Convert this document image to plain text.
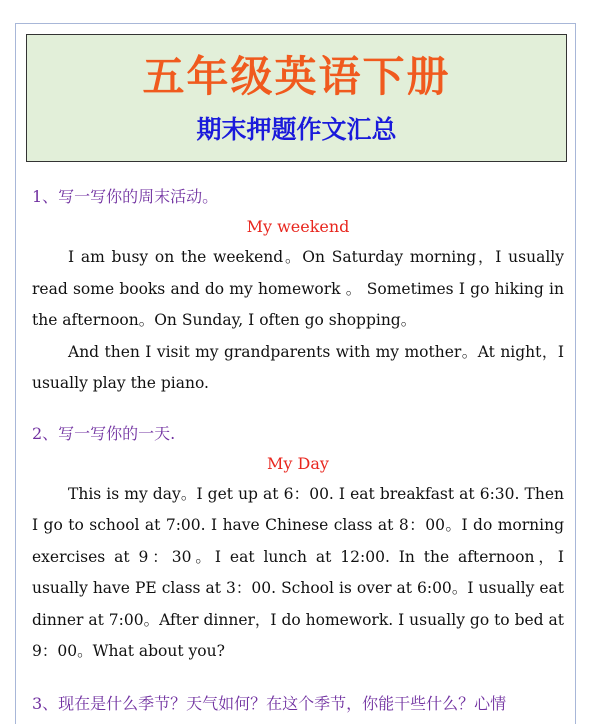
五年级英语下册
期末押题作文汇总
1、写一写你的周末活动。
My weekend

I am busy on the weekend。On Saturday morning，I usually read some books and do my homework 。 Sometimes I go hiking in the afternoon。On Sunday, I often go shopping。

And then I visit my grandparents with my mother。At night，I usually play the piano.

2、写一写你的一天.
My Day

This is my day。I get up at 6：00. I eat breakfast at 6:30. Then I go to school at 7:00. I have Chinese class at 8：00。I do morning exercises at 9：30。I eat lunch at 12:00. In the afternoon，I usually have PE class at 3：00. School is over at 6:00。I usually eat dinner at 7:00。After dinner，I do homework. I usually go to bed at 9：00。What about you?

3、现在是什么季节？天气如何？在这个季节，你能干些什么？心情
